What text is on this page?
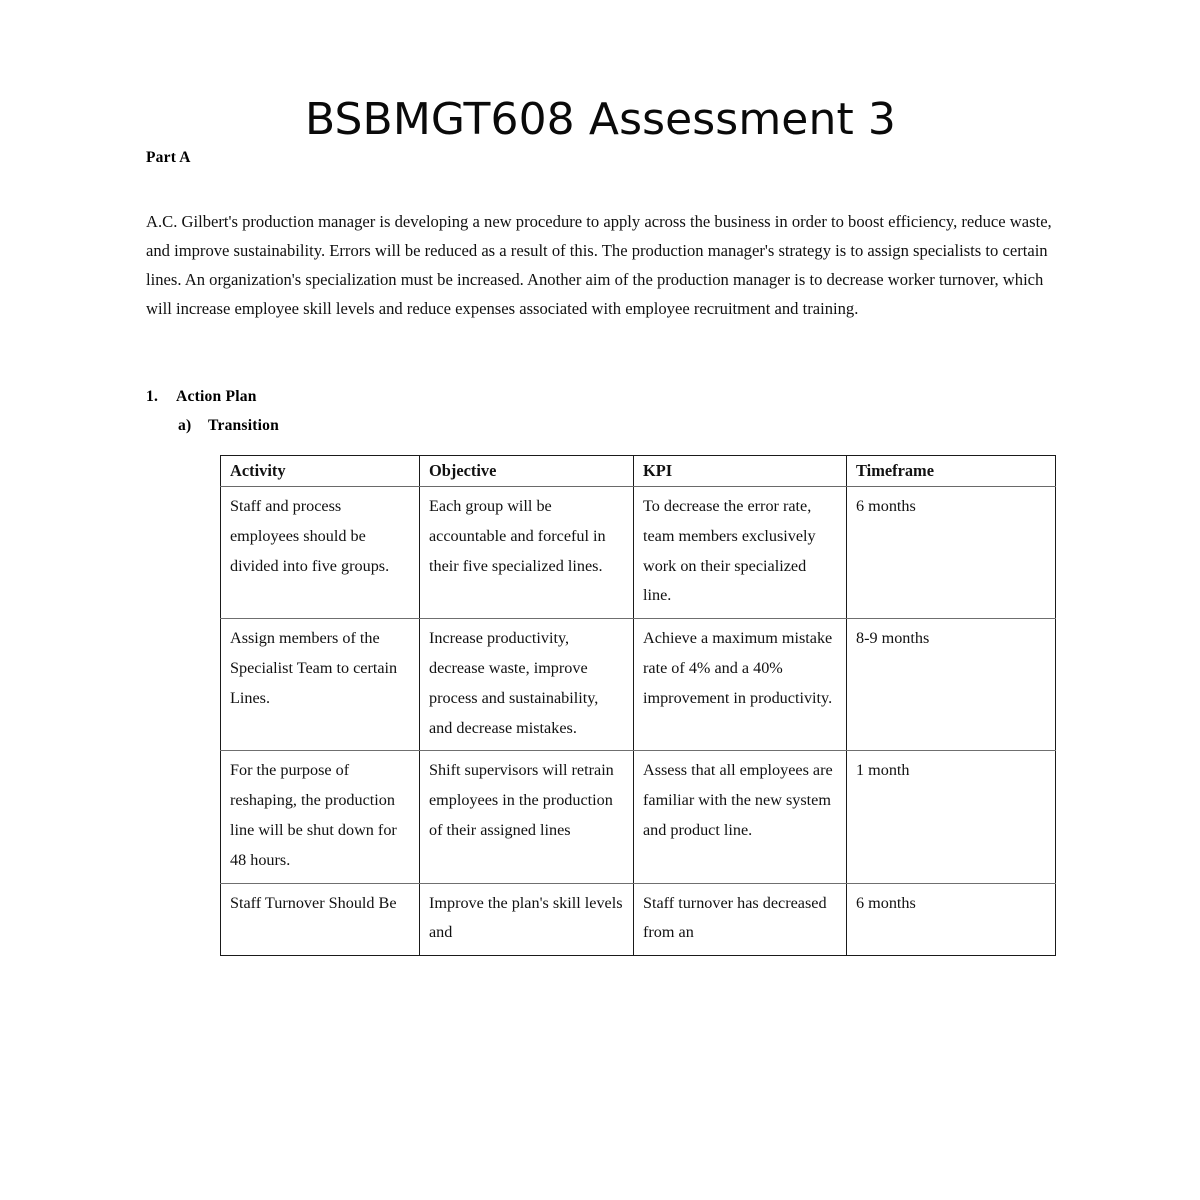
BSBMGT608 Assessment 3
Part A

A.C. Gilbert's production manager is developing a new procedure to apply across the business in order to boost efficiency, reduce waste, and improve sustainability. Errors will be reduced as a result of this. The production manager's strategy is to assign specialists to certain lines. An organization's specialization must be increased. Another aim of the production manager is to decrease worker turnover, which will increase employee skill levels and reduce expenses associated with employee recruitment and training.

1.	Action Plan
a)	Transition
Activity	Objective	KPI	Timeframe
Staff and process employees should be divided into five groups.	Each group will be accountable and forceful in their five specialized lines.	To decrease the error rate, team members exclusively work on their specialized line.	6 months
Assign members of the Specialist Team to certain Lines.	Increase productivity, decrease waste, improve process and sustainability, and decrease mistakes.	Achieve a maximum mistake rate of 4% and a 40% improvement in productivity.	8-9 months
For the purpose of reshaping, the production line will be shut down for 48 hours.	Shift supervisors will retrain employees in the production of their assigned lines	Assess that all employees are familiar with the new system and product line.	1 month
Staff Turnover Should Be	Improve the plan's skill levels and	Staff turnover has decreased from an	6 months
